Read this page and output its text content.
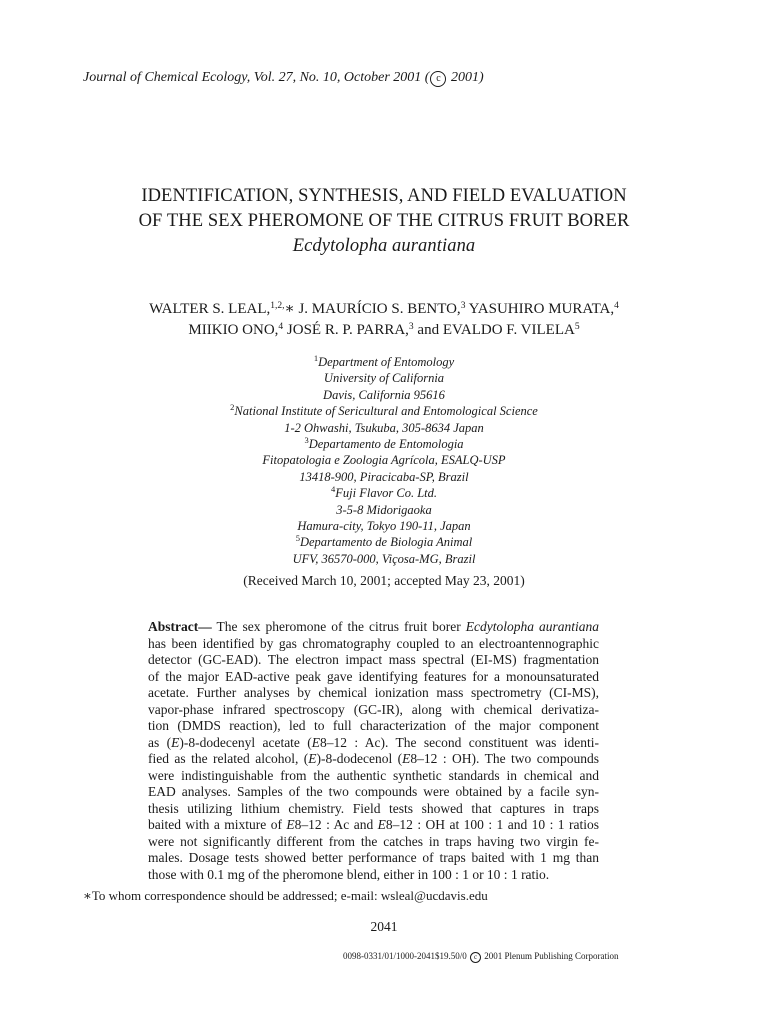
Journal of Chemical Ecology, Vol. 27, No. 10, October 2001 ( c 2001)
IDENTIFICATION, SYNTHESIS, AND FIELD EVALUATION
OF THE SEX PHEROMONE OF THE CITRUS FRUIT BORER
Ecdytolopha aurantiana
WALTER S. LEAL,$^{1,2,}$∗ J. MAURÍCIO S. BENTO,$^3$ YASUHIRO MURATA,$^4$
MIIKIO ONO,$^4$ JOSÉ R. P. PARRA,$^3$ and EVALDO F. VILELA$^5$
$^1$Department of Entomology
University of California
Davis, California 95616
$^2$National Institute of Sericultural and Entomological Science
1-2 Ohwashi, Tsukuba, 305-8634 Japan
$^3$Departamento de Entomologia
Fitopatologia e Zoologia Agrícola, ESALQ-USP
13418-900, Piracicaba-SP, Brazil
$^4$Fuji Flavor Co. Ltd.
3-5-8 Midorigaoka
Hamura-city, Tokyo 190-11, Japan
$^5$Departamento de Biologia Animal
UFV, 36570-000, Viçosa-MG, Brazil
(Received March 10, 2001; accepted May 23, 2001)
Abstract— The sex pheromone of the citrus fruit borer Ecdytolopha aurantiana
has been identified by gas chromatography coupled to an electroantennographic
detector (GC-EAD). The electron impact mass spectral (EI-MS) fragmentation
of the major EAD-active peak gave identifying features for a monounsaturated
acetate. Further analyses by chemical ionization mass spectrometry (CI-MS),
vapor-phase infrared spectroscopy (GC-IR), along with chemical derivatiza-
tion (DMDS reaction), led to full characterization of the major component
as (E)-8-dodecenyl acetate (E8–12 : Ac). The second constituent was identi-
fied as the related alcohol, (E)-8-dodecenol (E8–12 : OH). The two compounds
were indistinguishable from the authentic synthetic standards in chemical and
EAD analyses. Samples of the two compounds were obtained by a facile syn-
thesis utilizing lithium chemistry. Field tests showed that captures in traps
baited with a mixture of E8–12 : Ac and E8–12 : OH at 100 : 1 and 10 : 1 ratios
were not significantly different from the catches in traps having two virgin fe-
males. Dosage tests showed better performance of traps baited with 1 mg than
those with 0.1 mg of the pheromone blend, either in 100 : 1 or 10 : 1 ratio.
∗To whom correspondence should be addressed; e-mail: wsleal@ucdavis.edu
2041
0098-0331/01/1000-2041$19.50/0 c 2001 Plenum Publishing Corporation
